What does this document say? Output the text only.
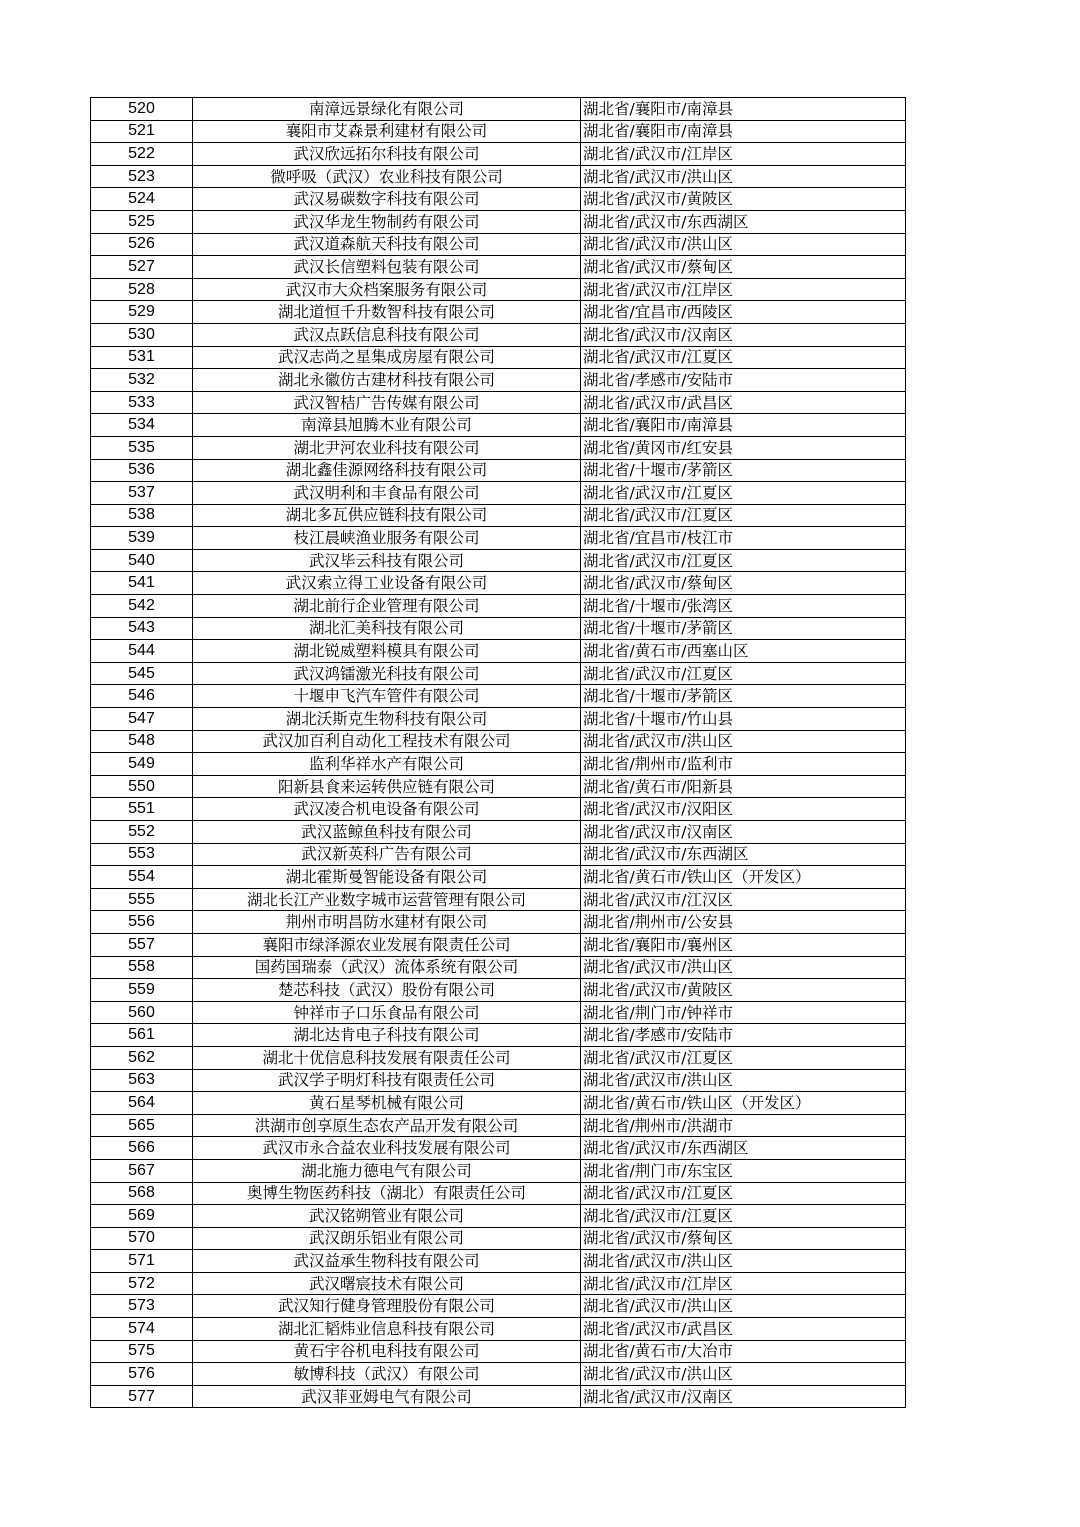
520	南漳远景绿化有限公司	湖北省/襄阳市/南漳县
521	襄阳市艾森景利建材有限公司	湖北省/襄阳市/南漳县
522	武汉欣远拓尔科技有限公司	湖北省/武汉市/江岸区
523	微呼吸（武汉）农业科技有限公司	湖北省/武汉市/洪山区
524	武汉易碳数字科技有限公司	湖北省/武汉市/黄陂区
525	武汉华龙生物制药有限公司	湖北省/武汉市/东西湖区
526	武汉道森航天科技有限公司	湖北省/武汉市/洪山区
527	武汉长信塑料包装有限公司	湖北省/武汉市/蔡甸区
528	武汉市大众档案服务有限公司	湖北省/武汉市/江岸区
529	湖北道恒千升数智科技有限公司	湖北省/宜昌市/西陵区
530	武汉点跃信息科技有限公司	湖北省/武汉市/汉南区
531	武汉志尚之星集成房屋有限公司	湖北省/武汉市/江夏区
532	湖北永徽仿古建材科技有限公司	湖北省/孝感市/安陆市
533	武汉智桔广告传媒有限公司	湖北省/武汉市/武昌区
534	南漳县旭腾木业有限公司	湖北省/襄阳市/南漳县
535	湖北尹河农业科技有限公司	湖北省/黄冈市/红安县
536	湖北鑫佳源网络科技有限公司	湖北省/十堰市/茅箭区
537	武汉明利和丰食品有限公司	湖北省/武汉市/江夏区
538	湖北多瓦供应链科技有限公司	湖北省/武汉市/江夏区
539	枝江晨峡渔业服务有限公司	湖北省/宜昌市/枝江市
540	武汉毕云科技有限公司	湖北省/武汉市/江夏区
541	武汉索立得工业设备有限公司	湖北省/武汉市/蔡甸区
542	湖北前行企业管理有限公司	湖北省/十堰市/张湾区
543	湖北汇美科技有限公司	湖北省/十堰市/茅箭区
544	湖北锐威塑料模具有限公司	湖北省/黄石市/西塞山区
545	武汉鸿镭激光科技有限公司	湖北省/武汉市/江夏区
546	十堰申飞汽车管件有限公司	湖北省/十堰市/茅箭区
547	湖北沃斯克生物科技有限公司	湖北省/十堰市/竹山县
548	武汉加百利自动化工程技术有限公司	湖北省/武汉市/洪山区
549	监利华祥水产有限公司	湖北省/荆州市/监利市
550	阳新县食来运转供应链有限公司	湖北省/黄石市/阳新县
551	武汉凌合机电设备有限公司	湖北省/武汉市/汉阳区
552	武汉蓝鲸鱼科技有限公司	湖北省/武汉市/汉南区
553	武汉新英科广告有限公司	湖北省/武汉市/东西湖区
554	湖北霍斯曼智能设备有限公司	湖北省/黄石市/铁山区（开发区）
555	湖北长江产业数字城市运营管理有限公司	湖北省/武汉市/江汉区
556	荆州市明昌防水建材有限公司	湖北省/荆州市/公安县
557	襄阳市绿泽源农业发展有限责任公司	湖北省/襄阳市/襄州区
558	国药国瑞泰（武汉）流体系统有限公司	湖北省/武汉市/洪山区
559	楚芯科技（武汉）股份有限公司	湖北省/武汉市/黄陂区
560	钟祥市子口乐食品有限公司	湖北省/荆门市/钟祥市
561	湖北达肯电子科技有限公司	湖北省/孝感市/安陆市
562	湖北十优信息科技发展有限责任公司	湖北省/武汉市/江夏区
563	武汉学子明灯科技有限责任公司	湖北省/武汉市/洪山区
564	黄石星琴机械有限公司	湖北省/黄石市/铁山区（开发区）
565	洪湖市创享原生态农产品开发有限公司	湖北省/荆州市/洪湖市
566	武汉市永合益农业科技发展有限公司	湖北省/武汉市/东西湖区
567	湖北施力德电气有限公司	湖北省/荆门市/东宝区
568	奥博生物医药科技（湖北）有限责任公司	湖北省/武汉市/江夏区
569	武汉铭朔管业有限公司	湖北省/武汉市/江夏区
570	武汉朗乐铝业有限公司	湖北省/武汉市/蔡甸区
571	武汉益承生物科技有限公司	湖北省/武汉市/洪山区
572	武汉曙宸技术有限公司	湖北省/武汉市/江岸区
573	武汉知行健身管理股份有限公司	湖北省/武汉市/洪山区
574	湖北汇韬炜业信息科技有限公司	湖北省/武汉市/武昌区
575	黄石宇谷机电科技有限公司	湖北省/黄石市/大冶市
576	敏博科技（武汉）有限公司	湖北省/武汉市/洪山区
577	武汉菲亚姆电气有限公司	湖北省/武汉市/汉南区
